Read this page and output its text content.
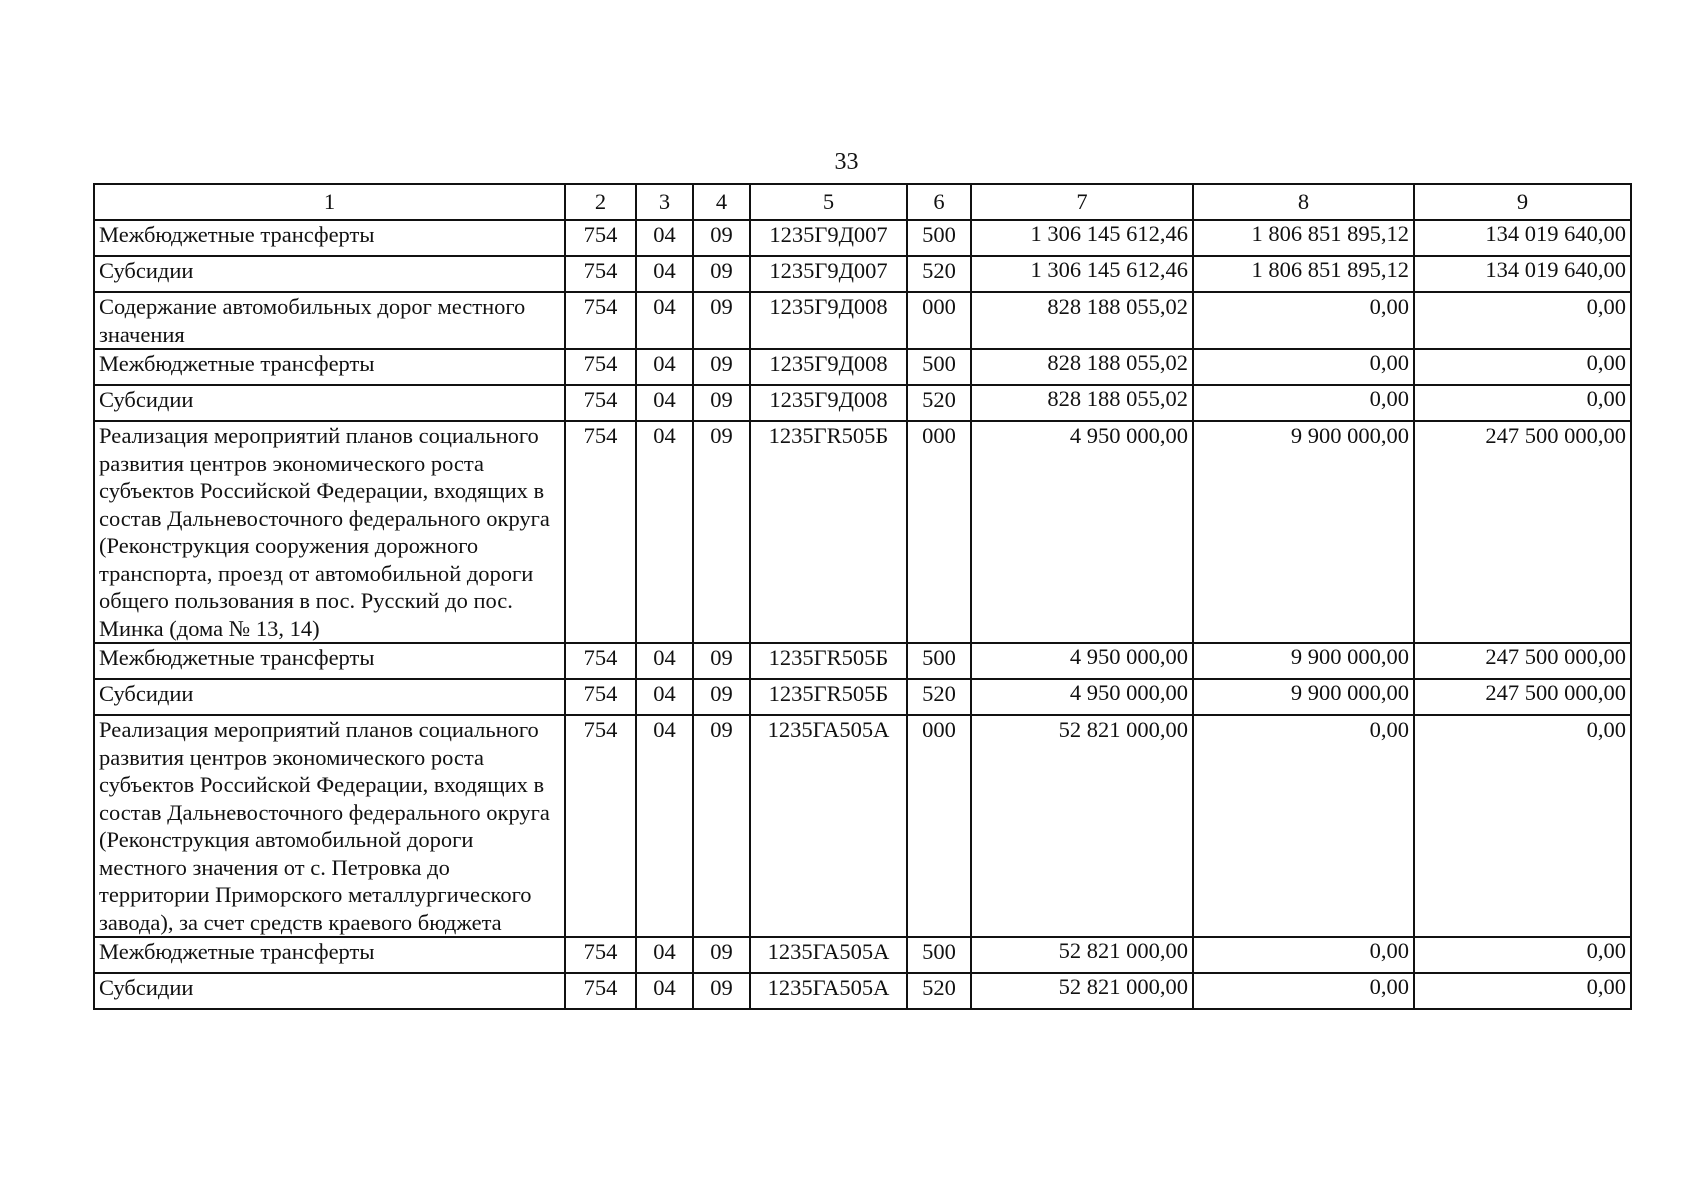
33
1	2	3	4	5	6	7	8	9
Межбюджетные трансферты	754	04	09	1235Г9Д007	500	1 306 145 612,46	1 806 851 895,12	134 019 640,00
Субсидии	754	04	09	1235Г9Д007	520	1 306 145 612,46	1 806 851 895,12	134 019 640,00
Содержание автомобильных дорог местного значения	754	04	09	1235Г9Д008	000	828 188 055,02	0,00	0,00
Межбюджетные трансферты	754	04	09	1235Г9Д008	500	828 188 055,02	0,00	0,00
Субсидии	754	04	09	1235Г9Д008	520	828 188 055,02	0,00	0,00
Реализация мероприятий планов социального развития центров экономического роста субъектов Российской Федерации, входящих в состав Дальневосточного федерального округа (Реконструкция сооружения дорожного транспорта, проезд от автомобильной дороги общего пользования в пос. Русский до пос. Минка (дома № 13, 14)	754	04	09	1235ГR505Б	000	4 950 000,00	9 900 000,00	247 500 000,00
Межбюджетные трансферты	754	04	09	1235ГR505Б	500	4 950 000,00	9 900 000,00	247 500 000,00
Субсидии	754	04	09	1235ГR505Б	520	4 950 000,00	9 900 000,00	247 500 000,00
Реализация мероприятий планов социального развития центров экономического роста субъектов Российской Федерации, входящих в состав Дальневосточного федерального округа (Реконструкция автомобильной дороги местного значения от с. Петровка до территории Приморского металлургического завода), за счет средств краевого бюджета	754	04	09	1235ГА505А	000	52 821 000,00	0,00	0,00
Межбюджетные трансферты	754	04	09	1235ГА505А	500	52 821 000,00	0,00	0,00
Субсидии	754	04	09	1235ГА505А	520	52 821 000,00	0,00	0,00
